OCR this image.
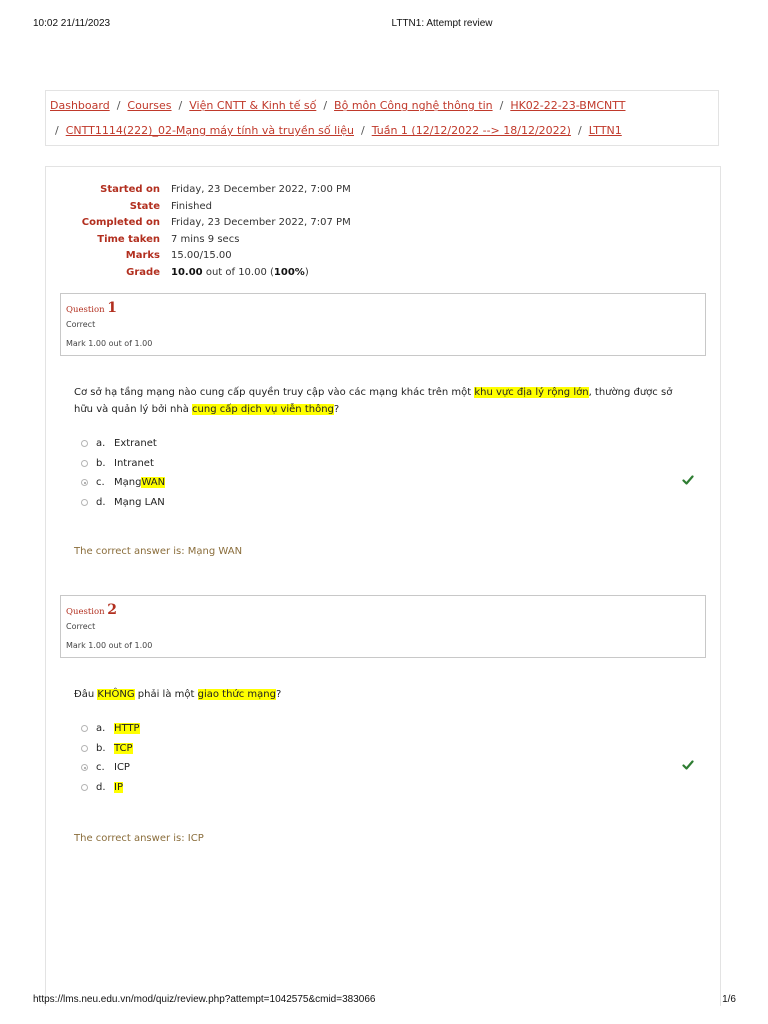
10:02 21/11/2023	LTTN1: Attempt review
Dashboard / Courses / Viện CNTT & Kinh tế số / Bộ môn Công nghệ thông tin / HK02-22-23-BMCNTT
/ CNTT1114(222)_02-Mạng máy tính và truyền số liệu / Tuần 1 (12/12/2022 --> 18/12/2022) / LTTN1
Started on	Friday, 23 December 2022, 7:00 PM
State	Finished
Completed on	Friday, 23 December 2022, 7:07 PM
Time taken	7 mins 9 secs
Marks	15.00/15.00
Grade	10.00 out of 10.00 (100%)
Question 1
Correct
Mark 1.00 out of 1.00
Cơ sở hạ tầng mạng nào cung cấp quyền truy cập vào các mạng khác trên một khu vực địa lý rộng lớn, thường được sở hữu và quản lý bởi nhà cung cấp dịch vụ viễn thông?
a. Extranet
b. Intranet
c. Mạng WAN
d. Mạng LAN
The correct answer is: Mạng WAN
Question 2
Correct
Mark 1.00 out of 1.00
Đâu KHÔNG phải là một giao thức mạng?
a. HTTP
b. TCP
c. ICP
d. IP
The correct answer is: ICP
https://lms.neu.edu.vn/mod/quiz/review.php?attempt=1042575&cmid=383066	1/6
